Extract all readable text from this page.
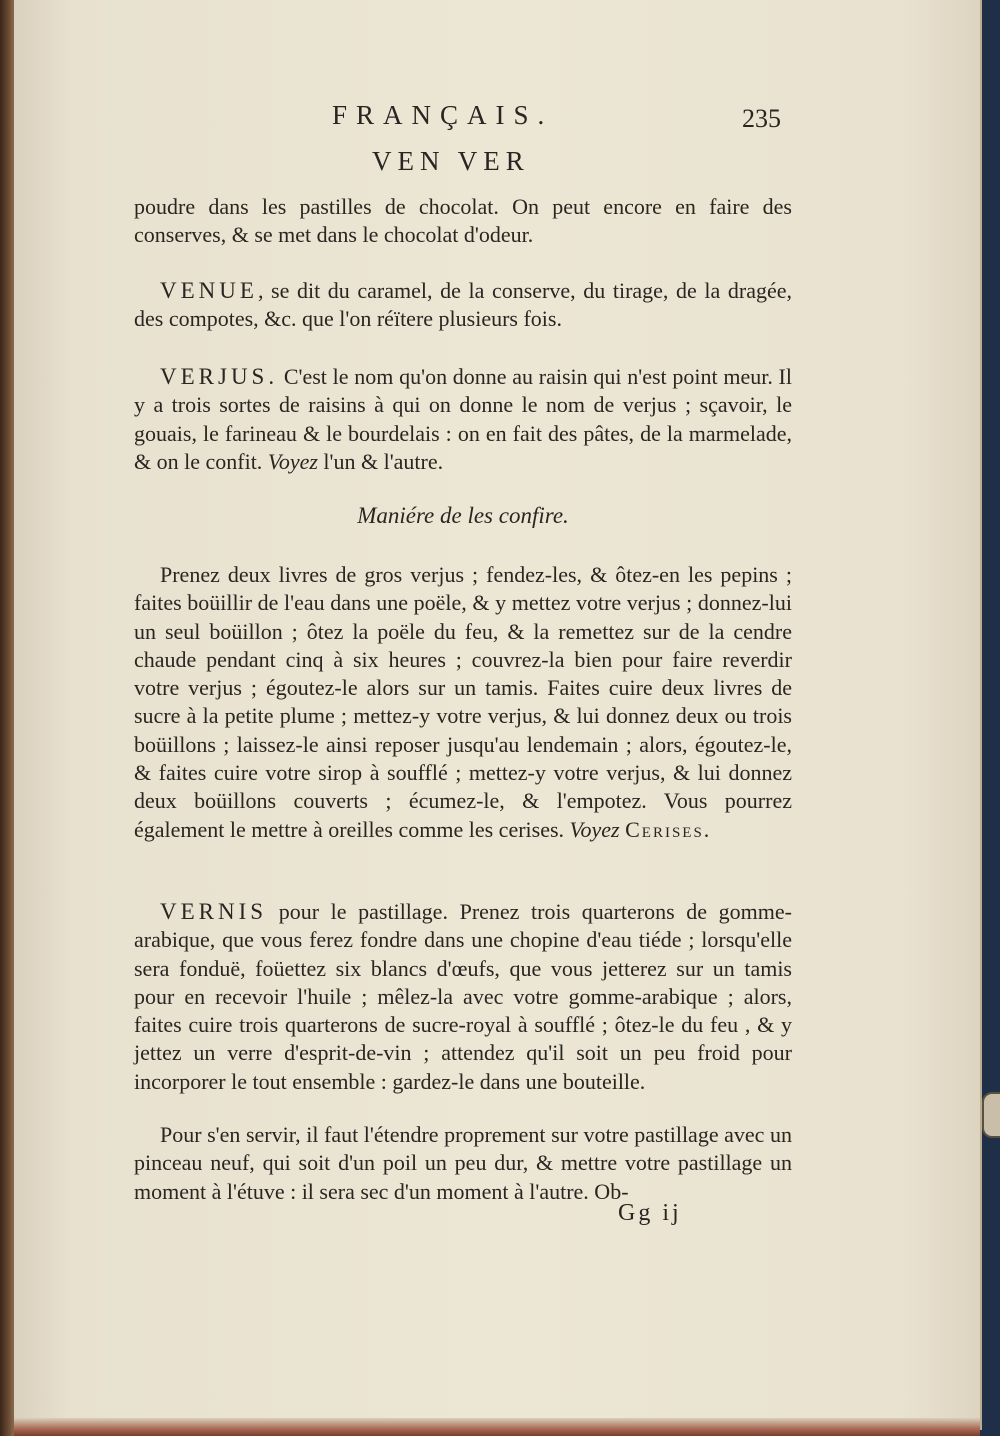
FRANÇAIS.	235
VEN VER
poudre dans les pastilles de chocolat. On peut encore en faire des conserves, & se met dans le chocolat d'odeur.
VENUE, se dit du caramel, de la conserve, du tirage, de la dragée, des compotes, &c. que l'on réïtere plusieurs fois.
VERJUS. C'est le nom qu'on donne au raisin qui n'est point meur. Il y a trois sortes de raisins à qui on donne le nom de verjus ; sçavoir, le gouais, le farineau & le bourdelais : on en fait des pâtes, de la marmelade, & on le confit. Voyez l'un & l'autre.
Maniére de les confire.
Prenez deux livres de gros verjus ; fendez-les, & ôtez-en les pepins ; faites boüillir de l'eau dans une poële, & y mettez votre verjus ; donnez-lui un seul boüillon ; ôtez la poële du feu, & la remettez sur de la cendre chaude pendant cinq à six heures ; couvrez-la bien pour faire reverdir votre verjus ; égoutez-le alors sur un tamis. Faites cuire deux livres de sucre à la petite plume ; mettez-y votre verjus, & lui donnez deux ou trois boüillons ; laissez-le ainsi reposer jusqu'au lendemain ; alors, égoutez-le, & faites cuire votre sirop à soufflé ; mettez-y votre verjus, & lui donnez deux boüillons couverts ; écumez-le, & l'empotez. Vous pourrez également le mettre à oreilles comme les cerises. Voyez Cerises.
VERNIS pour le pastillage. Prenez trois quarterons de gomme-arabique, que vous ferez fondre dans une chopine d'eau tiéde ; lorsqu'elle sera fonduë, foüettez six blancs d'œufs, que vous jetterez sur un tamis pour en recevoir l'huile ; mêlez-la avec votre gomme-arabique ; alors, faites cuire trois quarterons de sucre-royal à soufflé ; ôtez-le du feu , & y jettez un verre d'esprit-de-vin ; attendez qu'il soit un peu froid pour incorporer le tout ensemble : gardez-le dans une bouteille.
Pour s'en servir, il faut l'étendre proprement sur votre pastillage avec un pinceau neuf, qui soit d'un poil un peu dur, & mettre votre pastillage un moment à l'étuve : il sera sec d'un moment à l'autre. Ob-
Gg ij
